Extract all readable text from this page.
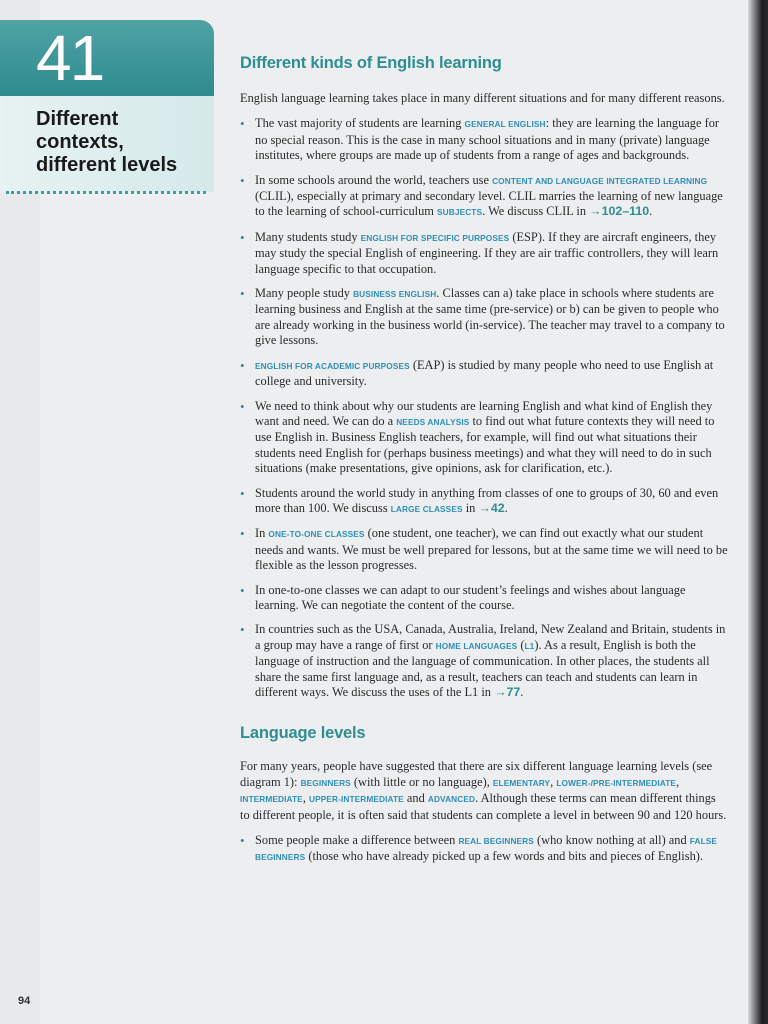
41
Different
contexts,
different levels
94
Different kinds of English learning

English language learning takes place in many different situations and for many different reasons.

• The vast majority of students are learning GENERAL ENGLISH: they are learning the language for no special reason. This is the case in many school situations and in many (private) language institutes, where groups are made up of students from a range of ages and backgrounds.
• In some schools around the world, teachers use CONTENT AND LANGUAGE INTEGRATED LEARNING (CLIL), especially at primary and secondary level. CLIL marries the learning of new language to the learning of school-curriculum SUBJECTS. We discuss CLIL in →102–110.
• Many students study ENGLISH FOR SPECIFIC PURPOSES (ESP). If they are aircraft engineers, they may study the special English of engineering. If they are air traffic controllers, they will learn language specific to that occupation.
• Many people study BUSINESS ENGLISH. Classes can a) take place in schools where students are learning business and English at the same time (pre-service) or b) can be given to people who are already working in the business world (in-service). The teacher may travel to a company to give lessons.
• ENGLISH FOR ACADEMIC PURPOSES (EAP) is studied by many people who need to use English at college and university.
• We need to think about why our students are learning English and what kind of English they want and need. We can do a NEEDS ANALYSIS to find out what future contexts they will need to use English in. Business English teachers, for example, will find out what situations their students need English for (perhaps business meetings) and what they will need to do in such situations (make presentations, give opinions, ask for clarification, etc.).
• Students around the world study in anything from classes of one to groups of 30, 60 and even more than 100. We discuss LARGE CLASSES in →42.
• In ONE-TO-ONE CLASSES (one student, one teacher), we can find out exactly what our student needs and wants. We must be well prepared for lessons, but at the same time we will need to be flexible as the lesson progresses.
• In one-to-one classes we can adapt to our student’s feelings and wishes about language learning. We can negotiate the content of the course.
• In countries such as the USA, Canada, Australia, Ireland, New Zealand and Britain, students in a group may have a range of first or HOME LANGUAGES (L1). As a result, English is both the language of instruction and the language of communication. In other places, the students all share the same first language and, as a result, teachers can teach and students can learn in different ways. We discuss the uses of the L1 in →77.
Language levels

For many years, people have suggested that there are six different language learning levels (see diagram 1): BEGINNERS (with little or no language), ELEMENTARY, LOWER-/PRE-INTERMEDIATE, INTERMEDIATE, UPPER-INTERMEDIATE and ADVANCED. Although these terms can mean different things to different people, it is often said that students can complete a level in between 90 and 120 hours.

• Some people make a difference between REAL BEGINNERS (who know nothing at all) and FALSE BEGINNERS (those who have already picked up a few words and bits and pieces of English).
